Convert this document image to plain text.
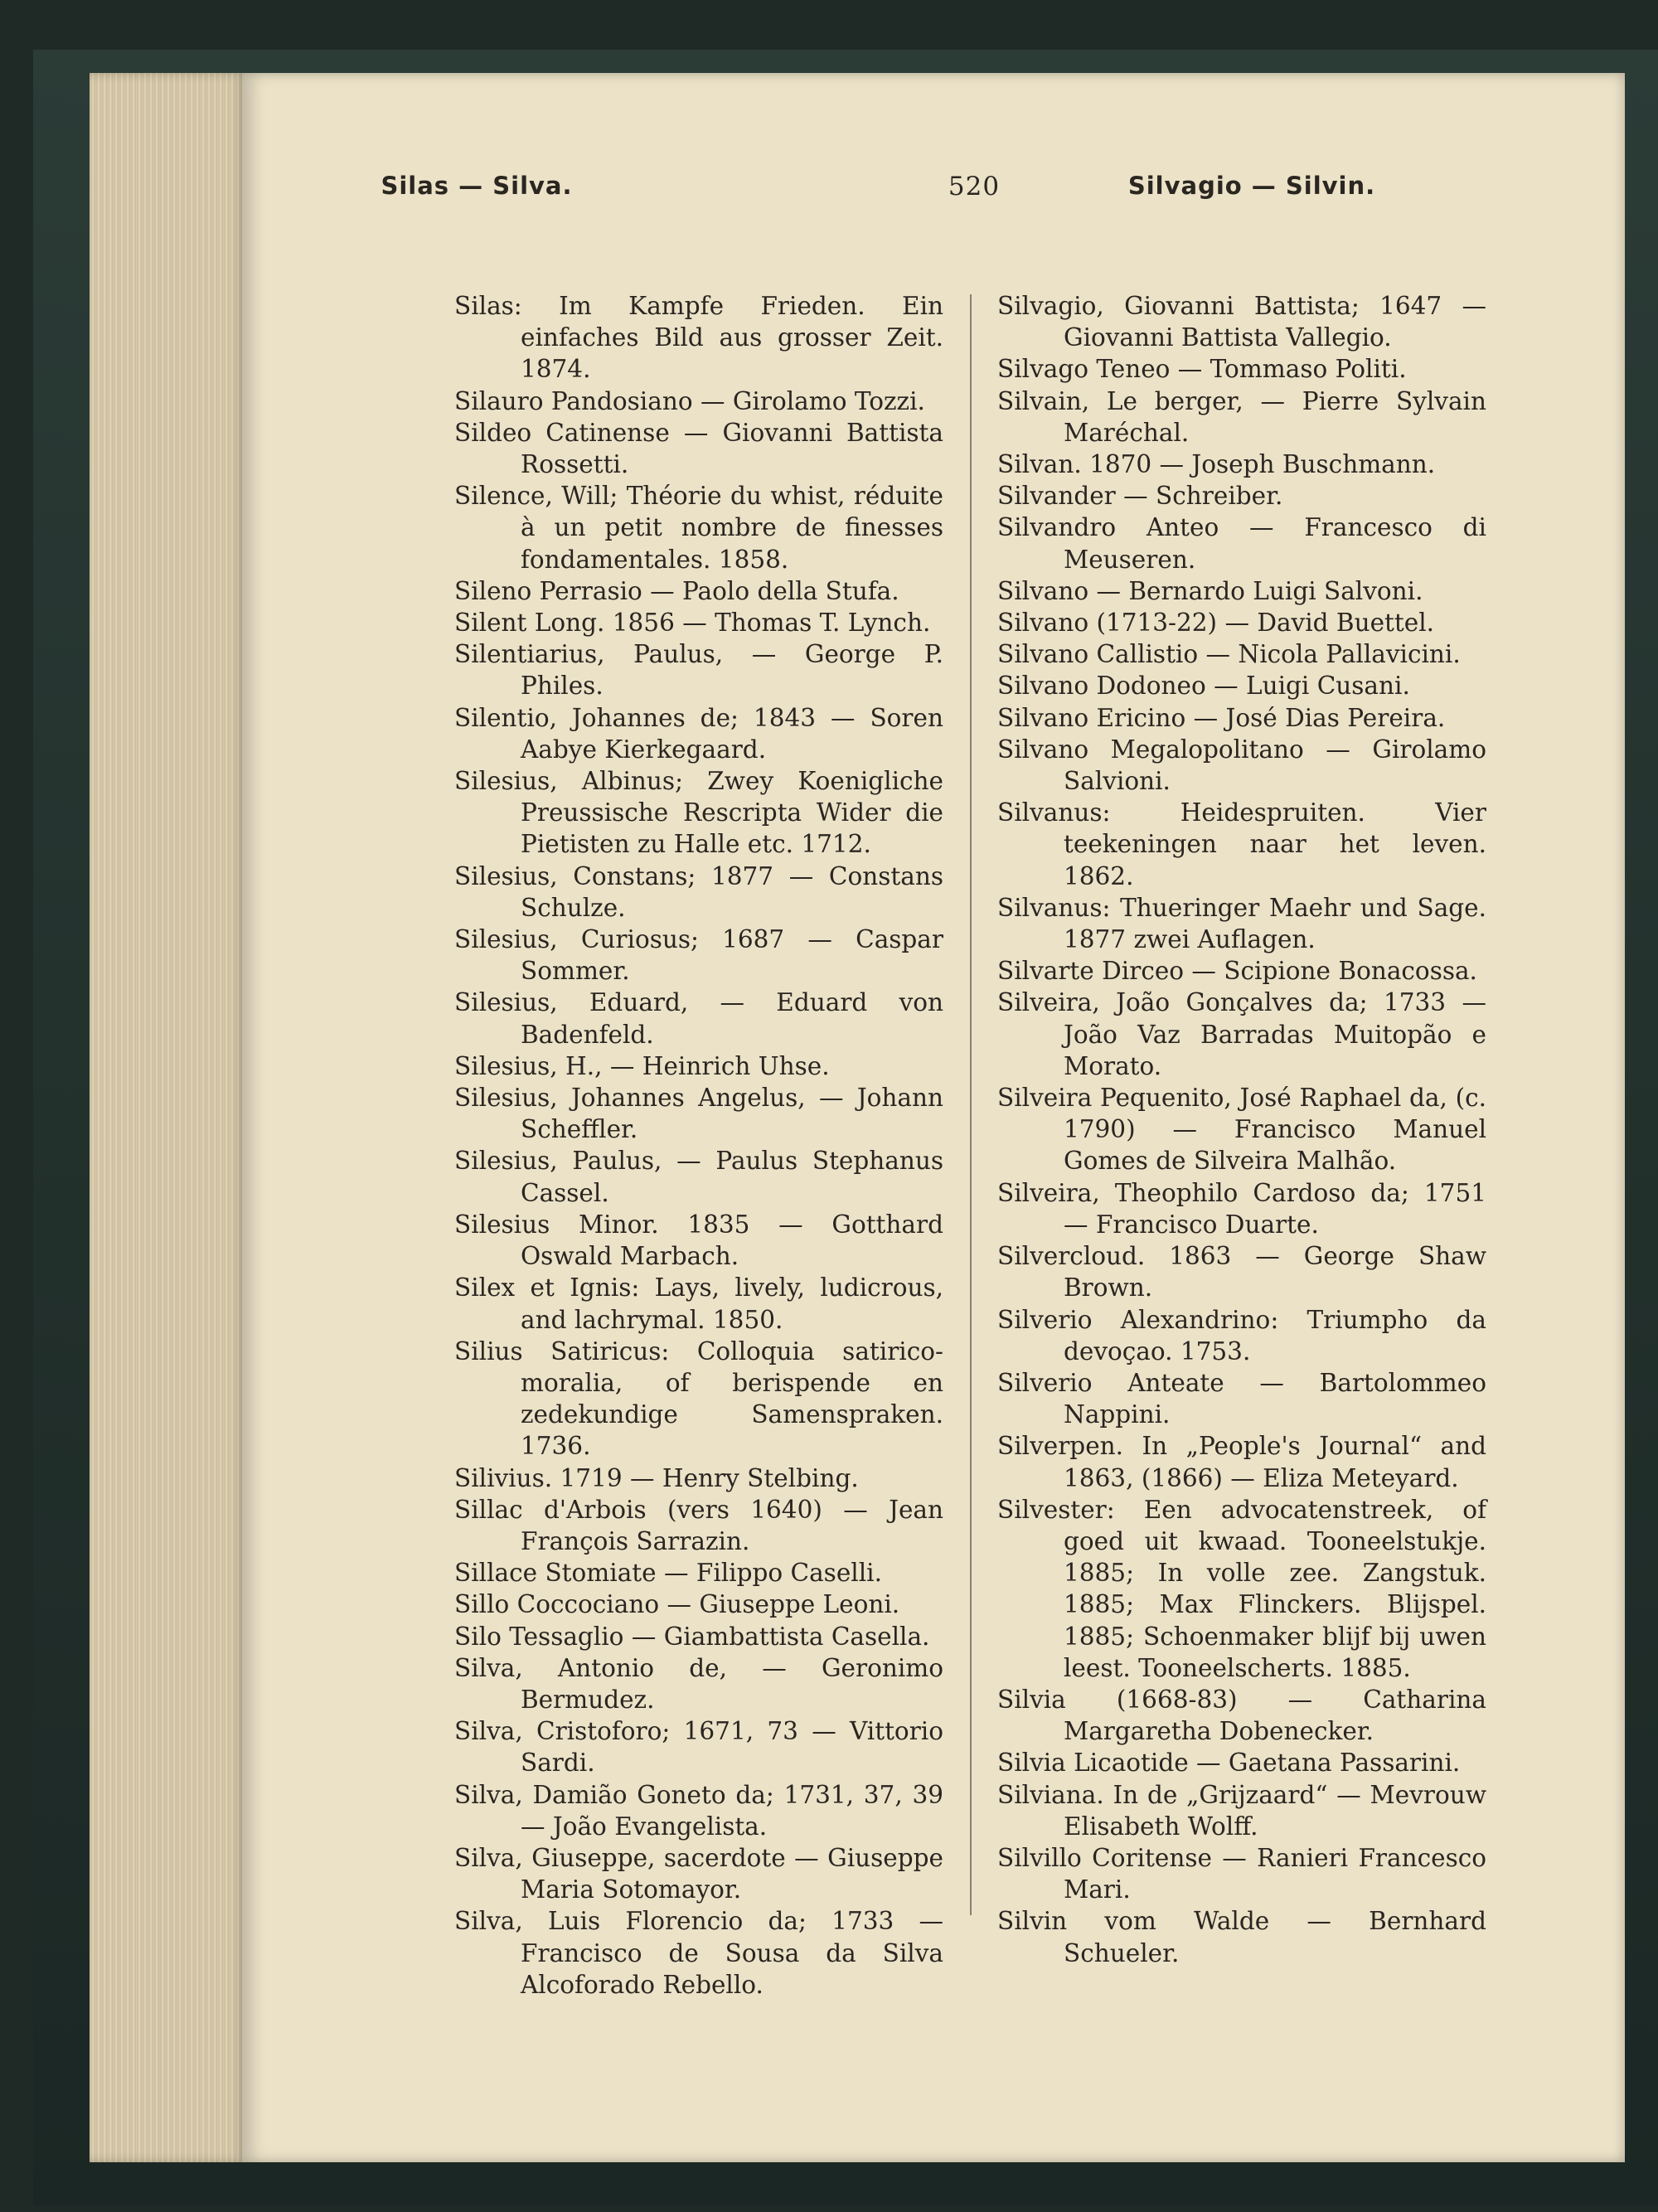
Silas — Silva.	520	Silvagio — Silvin.
Silas: Im Kampfe Frieden. Ein einfaches Bild aus grosser Zeit. 1874.
Silauro Pandosiano — Girolamo Tozzi.
Sildeo Catinense — Giovanni Battista Rossetti.
Silence, Will; Théorie du whist, réduite à un petit nombre de finesses fondamentales. 1858.
Sileno Perrasio — Paolo della Stufa.
Silent Long. 1856 — Thomas T. Lynch.
Silentiarius, Paulus, — George P. Philes.
Silentio, Johannes de; 1843 — Soren Aabye Kierkegaard.
Silesius, Albinus; Zwey Koenigliche Preussische Rescripta Wider die Pietisten zu Halle etc. 1712.
Silesius, Constans; 1877 — Constans Schulze.
Silesius, Curiosus; 1687 — Caspar Sommer.
Silesius, Eduard, — Eduard von Badenfeld.
Silesius, H., — Heinrich Uhse.
Silesius, Johannes Angelus, — Johann Scheffler.
Silesius, Paulus, — Paulus Stephanus Cassel.
Silesius Minor. 1835 — Gotthard Oswald Marbach.
Silex et Ignis: Lays, lively, ludicrous, and lachrymal. 1850.
Silius Satiricus: Colloquia satirico-moralia, of berispende en zedekundige Samenspraken. 1736.
Silivius. 1719 — Henry Stelbing.
Sillac d'Arbois (vers 1640) — Jean François Sarrazin.
Sillace Stomiate — Filippo Caselli.
Sillo Coccociano — Giuseppe Leoni.
Silo Tessaglio — Giambattista Casella.
Silva, Antonio de, — Geronimo Bermudez.
Silva, Cristoforo; 1671, 73 — Vittorio Sardi.
Silva, Damião Goneto da; 1731, 37, 39 — João Evangelista.
Silva, Giuseppe, sacerdote — Giuseppe Maria Sotomayor.
Silva, Luis Florencio da; 1733 — Francisco de Sousa da Silva Alcoforado Rebello.
Silvagio, Giovanni Battista; 1647 — Giovanni Battista Vallegio.
Silvago Teneo — Tommaso Politi.
Silvain, Le berger, — Pierre Sylvain Maréchal.
Silvan. 1870 — Joseph Buschmann.
Silvander — Schreiber.
Silvandro Anteo — Francesco di Meuseren.
Silvano — Bernardo Luigi Salvoni.
Silvano (1713-22) — David Buettel.
Silvano Callistio — Nicola Pallavicini.
Silvano Dodoneo — Luigi Cusani.
Silvano Ericino — José Dias Pereira.
Silvano Megalopolitano — Girolamo Salvioni.
Silvanus: Heidespruiten. Vier teekeningen naar het leven. 1862.
Silvanus: Thueringer Maehr und Sage. 1877 zwei Auflagen.
Silvarte Dirceo — Scipione Bonacossa.
Silveira, João Gonçalves da; 1733 — João Vaz Barradas Muitopão e Morato.
Silveira Pequenito, José Raphael da, (c. 1790) — Francisco Manuel Gomes de Silveira Malhão.
Silveira, Theophilo Cardoso da; 1751 — Francisco Duarte.
Silvercloud. 1863 — George Shaw Brown.
Silverio Alexandrino: Triumpho da devoçao. 1753.
Silverio Anteate — Bartolommeo Nappini.
Silverpen. In „People's Journal“ and 1863, (1866) — Eliza Meteyard.
Silvester: Een advocatenstreek, of goed uit kwaad. Tooneelstukje. 1885; In volle zee. Zangstuk. 1885; Max Flinckers. Blijspel. 1885; Schoenmaker blijf bij uwen leest. Tooneelscherts. 1885.
Silvia (1668-83) — Catharina Margaretha Dobenecker.
Silvia Licaotide — Gaetana Passarini.
Silviana. In de „Grijzaard“ — Mevrouw Elisabeth Wolff.
Silvillo Coritense — Ranieri Francesco Mari.
Silvin vom Walde — Bernhard Schueler.
